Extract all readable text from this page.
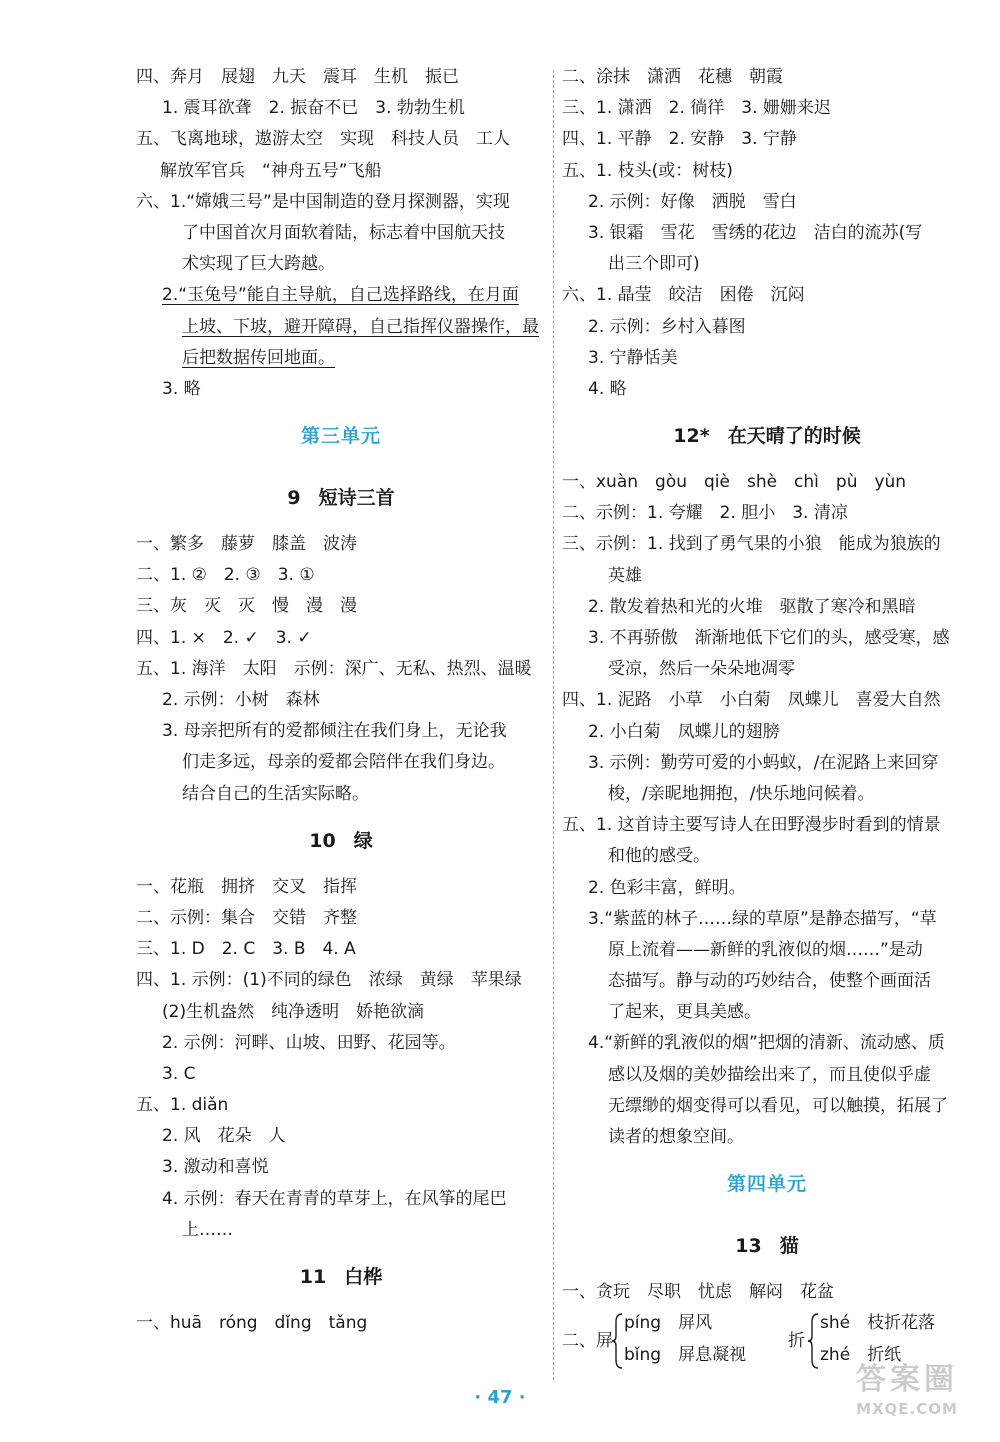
四、奔月　展翅　九天　震耳　生机　振已
1. 震耳欲聋　2. 振奋不已　3. 勃勃生机
五、飞离地球，遨游太空　实现　科技人员　工人
解放军官兵　“神舟五号”飞船
六、1.“嫦娥三号”是中国制造的登月探测器，实现
了中国首次月面软着陆，标志着中国航天技
术实现了巨大跨越。
2.“玉兔号”能自主导航，自己选择路线，在月面
上坡、下坡，避开障碍，自己指挥仪器操作，最
后把数据传回地面。
3. 略
第三单元
9 短诗三首
一、繁多　藤萝　膝盖　波涛
二、1. ②　2. ③　3. ①
三、灰　灭　灭　慢　漫　漫
四、1. ×　2. ✓　3. ✓
五、1. 海洋　太阳　示例：深广、无私、热烈、温暖
2. 示例：小树　森林
3. 母亲把所有的爱都倾注在我们身上，无论我
们走多远，母亲的爱都会陪伴在我们身边。
结合自己的生活实际略。
10 绿
一、花瓶　拥挤　交叉　指挥
二、示例：集合　交错　齐整
三、1. D　2. C　3. B　4. A
四、1. 示例：(1)不同的绿色　浓绿　黄绿　苹果绿
(2)生机盎然　纯净透明　娇艳欲滴
2. 示例：河畔、山坡、田野、花园等。
3. C
五、1. diǎn
2. 风　花朵　人
3. 激动和喜悦
4. 示例：春天在青青的草芽上，在风筝的尾巴
上……
11 白桦
一、huā　róng　dǐng　tǎng
二、涂抹　潇洒　花穗　朝霞
三、1. 潇洒　2. 徜徉　3. 姗姗来迟
四、1. 平静　2. 安静　3. 宁静
五、1. 枝头(或：树枝)
2. 示例：好像　洒脱　雪白
3. 银霜　雪花　雪绣的花边　洁白的流苏(写
出三个即可)
六、1. 晶莹　皎洁　困倦　沉闷
2. 示例：乡村入暮图
3. 宁静恬美
4. 略
12* 在天晴了的时候
一、xuàn　gòu　qiè　shè　chì　pù　yùn
二、示例：1. 夸耀　2. 胆小　3. 清凉
三、示例：1. 找到了勇气果的小狼　能成为狼族的
英雄
2. 散发着热和光的火堆　驱散了寒冷和黑暗
3. 不再骄傲　渐渐地低下它们的头，感受寒，感
受凉，然后一朵朵地凋零
四、1. 泥路　小草　小白菊　凤蝶儿　喜爱大自然
2. 小白菊　凤蝶儿的翅膀
3. 示例：勤劳可爱的小蚂蚁，/在泥路上来回穿
梭，/亲昵地拥抱，/快乐地问候着。
五、1. 这首诗主要写诗人在田野漫步时看到的情景
和他的感受。
2. 色彩丰富，鲜明。
3.“紫蓝的林子……绿的草原”是静态描写，“草
原上流着——新鲜的乳液似的烟……”是动
态描写。静与动的巧妙结合，使整个画面活
了起来，更具美感。
4.“新鲜的乳液似的烟”把烟的清新、流动感、质
感以及烟的美妙描绘出来了，而且使似乎虚
无缥缈的烟变得可以看见，可以触摸，拓展了
读者的想象空间。
第四单元
13 猫
一、贪玩　尽职　忧虑　解闷　花盆
二、屏
píng　屏风
bǐng　屏息凝视
折
shé　枝折花落
zhé　折纸
· 47 ·
答案圈
MXQE.COM
